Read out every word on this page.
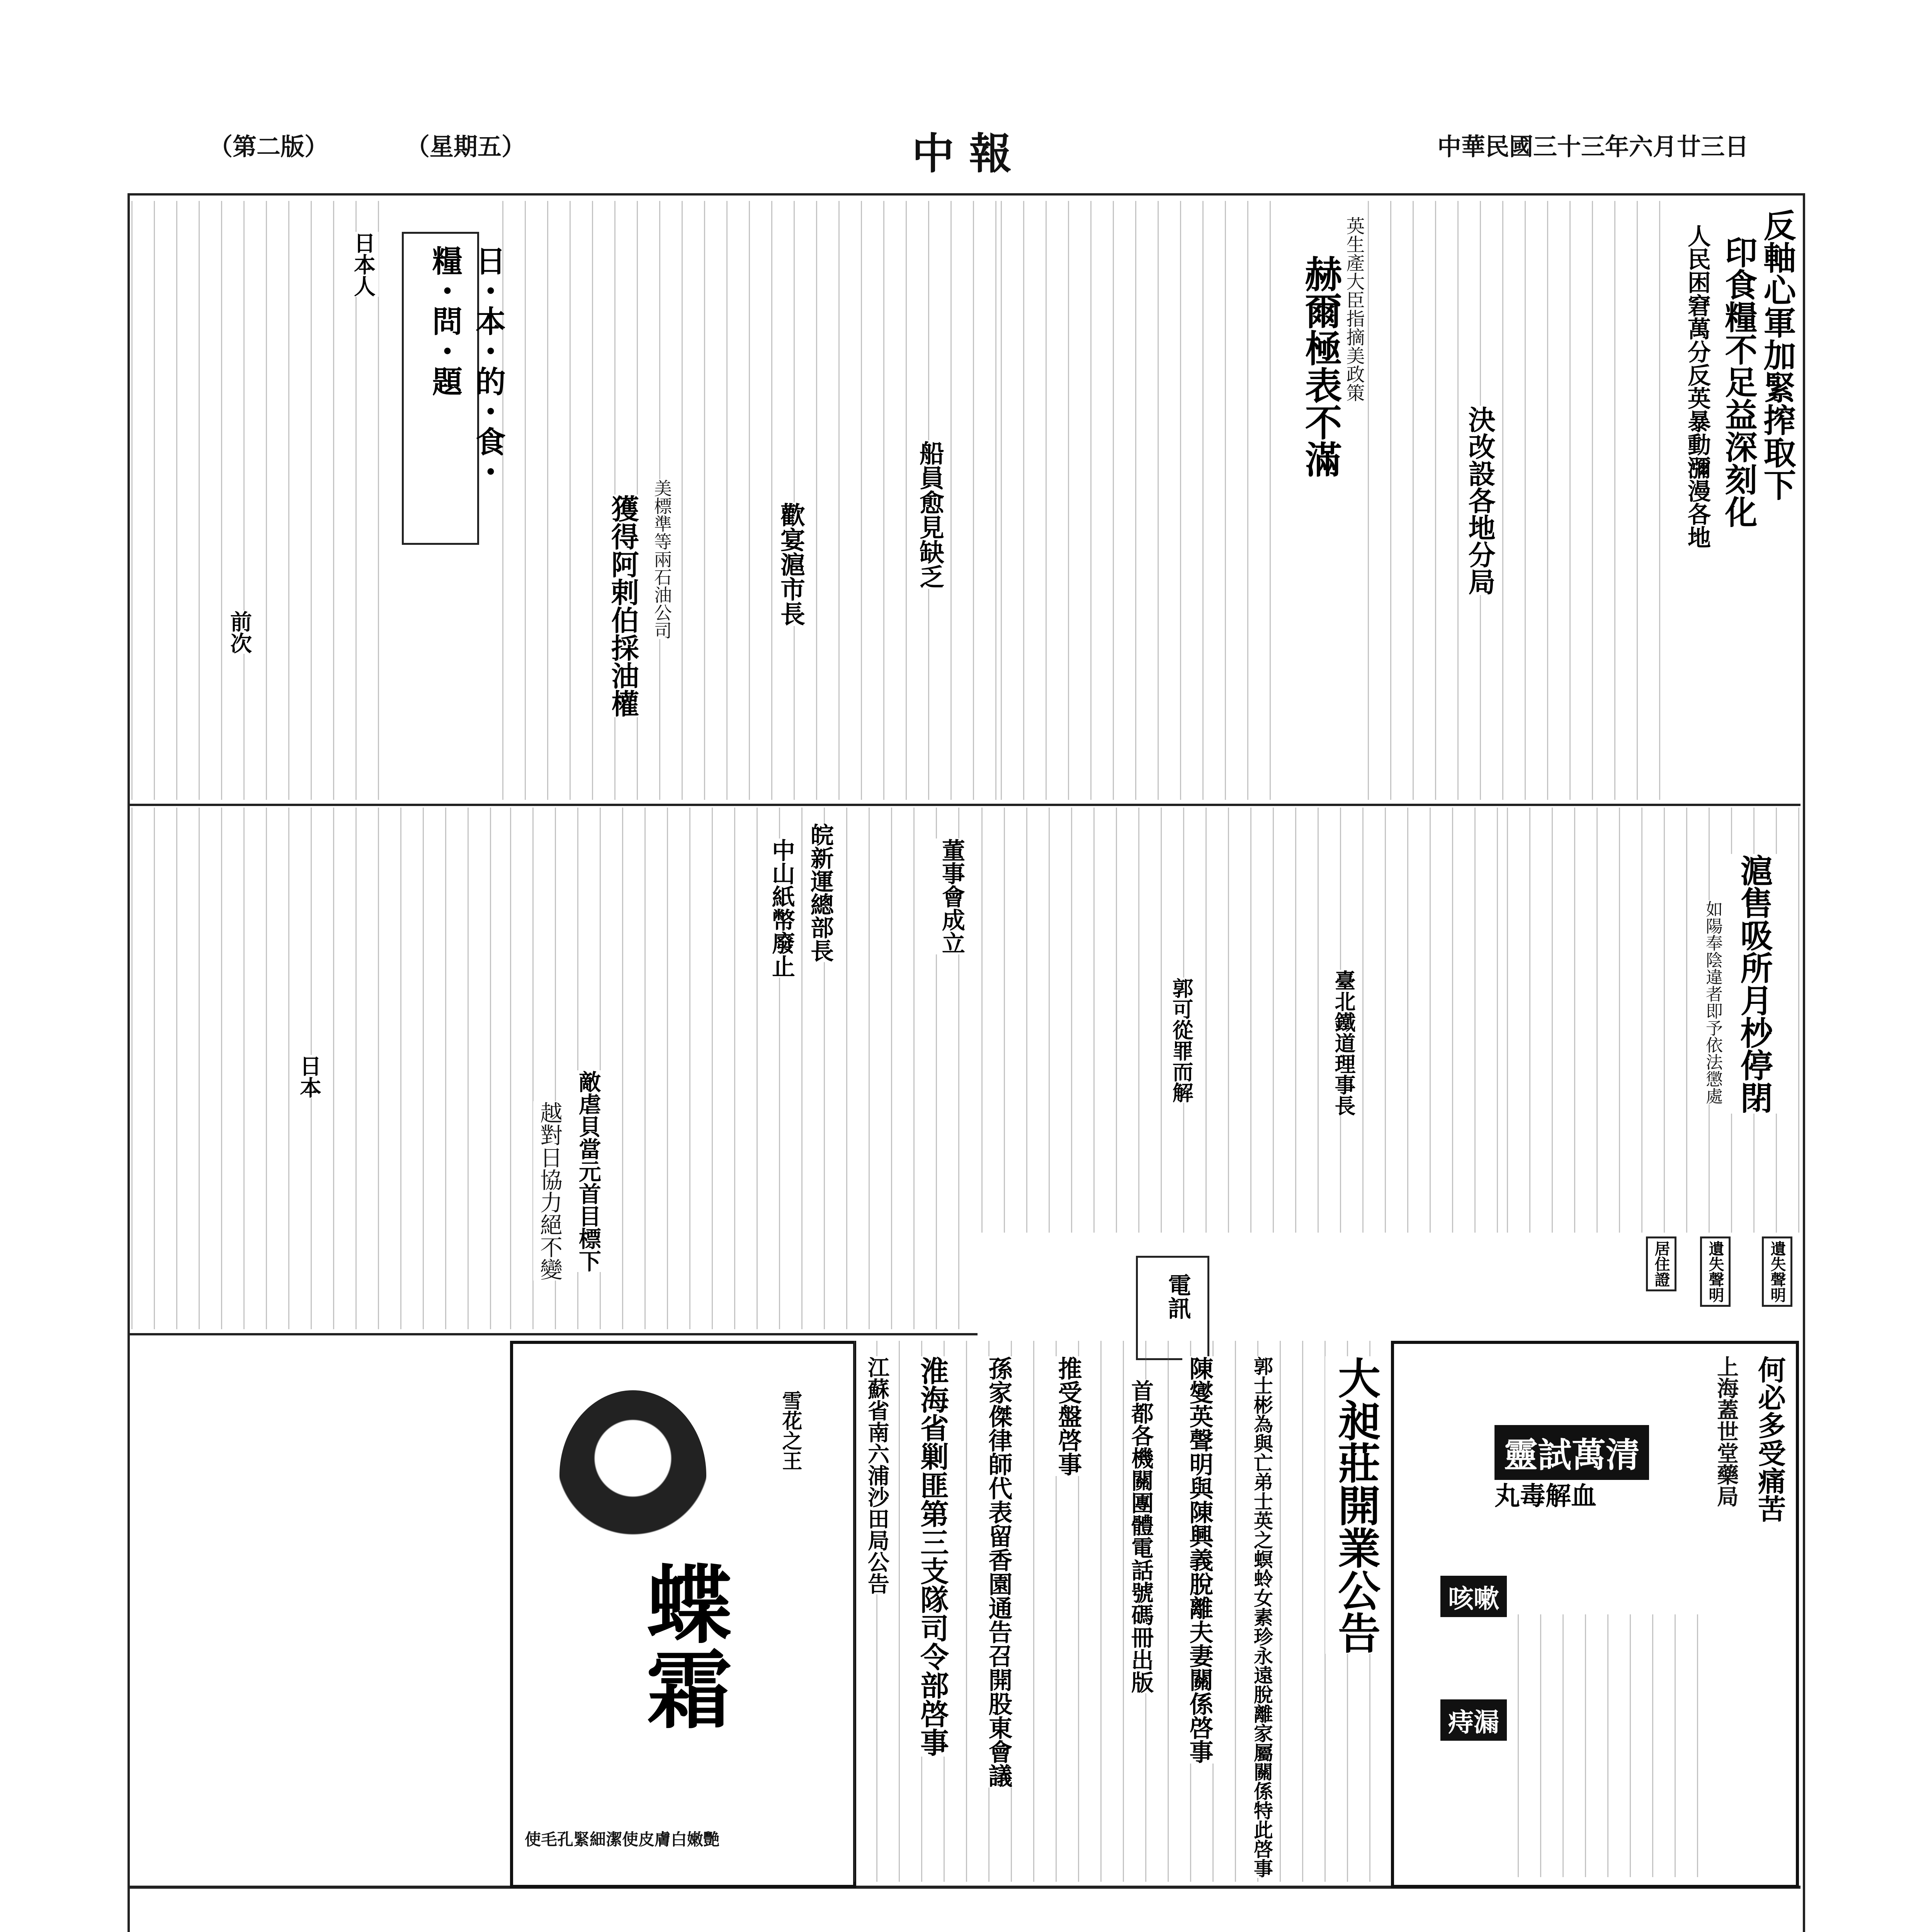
中華民國三十三年六月廿三日
中 報
（星期五）
（第二版）
反軸心軍加緊搾取下
印食糧不足益深刻化
人民困窘萬分反英暴動瀰漫各地
赫爾極表不滿 英生產大臣指摘美政策
獲得阿剌伯採油權 美標準等兩石油公司	歡宴滬市長	船員愈見缺乏
日・本・的・食・糧・問・題
日本人
前次
滬售吸所月杪停閉
如陽奉陰違者即予依法懲處
決改設各地分局
臺北鐵道理事長
郭可從罪而解
董事會成立
皖新運總部長
中山紙幣廢止
敵虐貝當元首目標下
越對日協力絕不變
日本
遺失聲明
遺失聲明
居住證
電訊
雪花之王
蝶霜
使毛孔緊細潔使皮膚白嫩艷
江蘇省南六浦沙田局公告 淮海省剿匪第三支隊司令部啓事 孫家傑律師代表留香園通告召開股東會議 推受盤啓事 首都各機關團體電話號碼冊出版 陳燮英聲明與陳興義脫離夫妻關係啓事 郭士彬為與亡弟士英之螟蛉女素珍永遠脫離家屬關係特此啓事 大昶莊開業公告	何必多受痛苦
上海蓋世堂藥局
靈試萬清
丸毒解血
咳嗽
痔漏
